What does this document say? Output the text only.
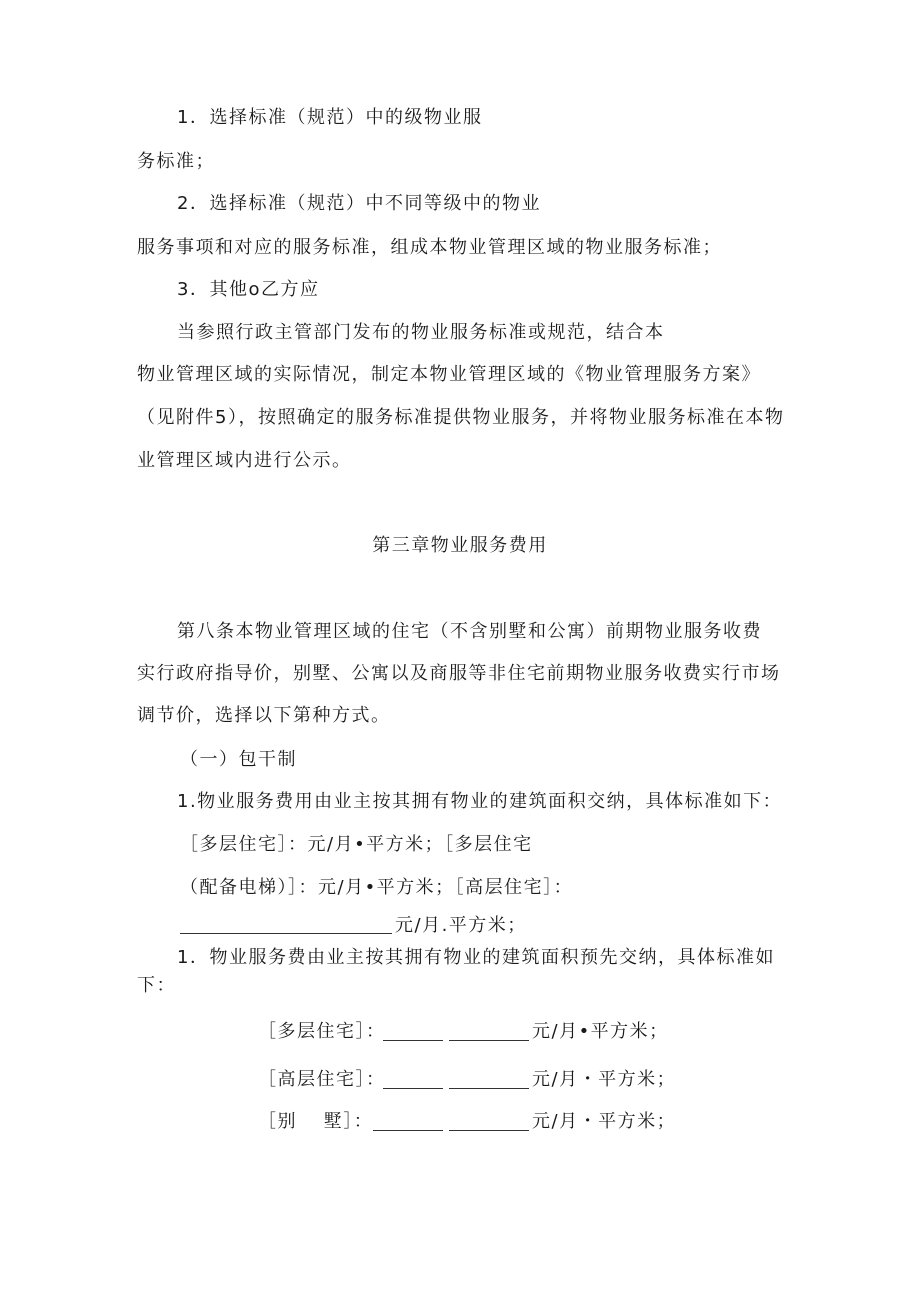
1．选择标准（规范）中的级物业服
务标准；
2．选择标准（规范）中不同等级中的物业
服务事项和对应的服务标准，组成本物业管理区域的物业服务标准；
3．其他o乙方应
当参照行政主管部门发布的物业服务标准或规范，结合本
物业管理区域的实际情况，制定本物业管理区域的《物业管理服务方案》
（见附件5），按照确定的服务标准提供物业服务，并将物业服务标准在本物
业管理区域内进行公示。
第三章物业服务费用
第八条本物业管理区域的住宅（不含别墅和公寓）前期物业服务收费
实行政府指导价，别墅、公寓以及商服等非住宅前期物业服务收费实行市场
调节价，选择以下第种方式。
（一）包干制
1.物业服务费用由业主按其拥有物业的建筑面积交纳，具体标准如下：
［多层住宅］：元/月•平方米；［多层住宅
（配备电梯）］：元/月•平方米；［高层住宅］：
元/月.平方米；
1．物业服务费由业主按其拥有物业的建筑面积预先交纳，具体标准如
下：
［多层住宅］：	元/月•平方米；
［高层住宅］：	元/月・平方米；
［别　 墅］：	元/月・平方米；
